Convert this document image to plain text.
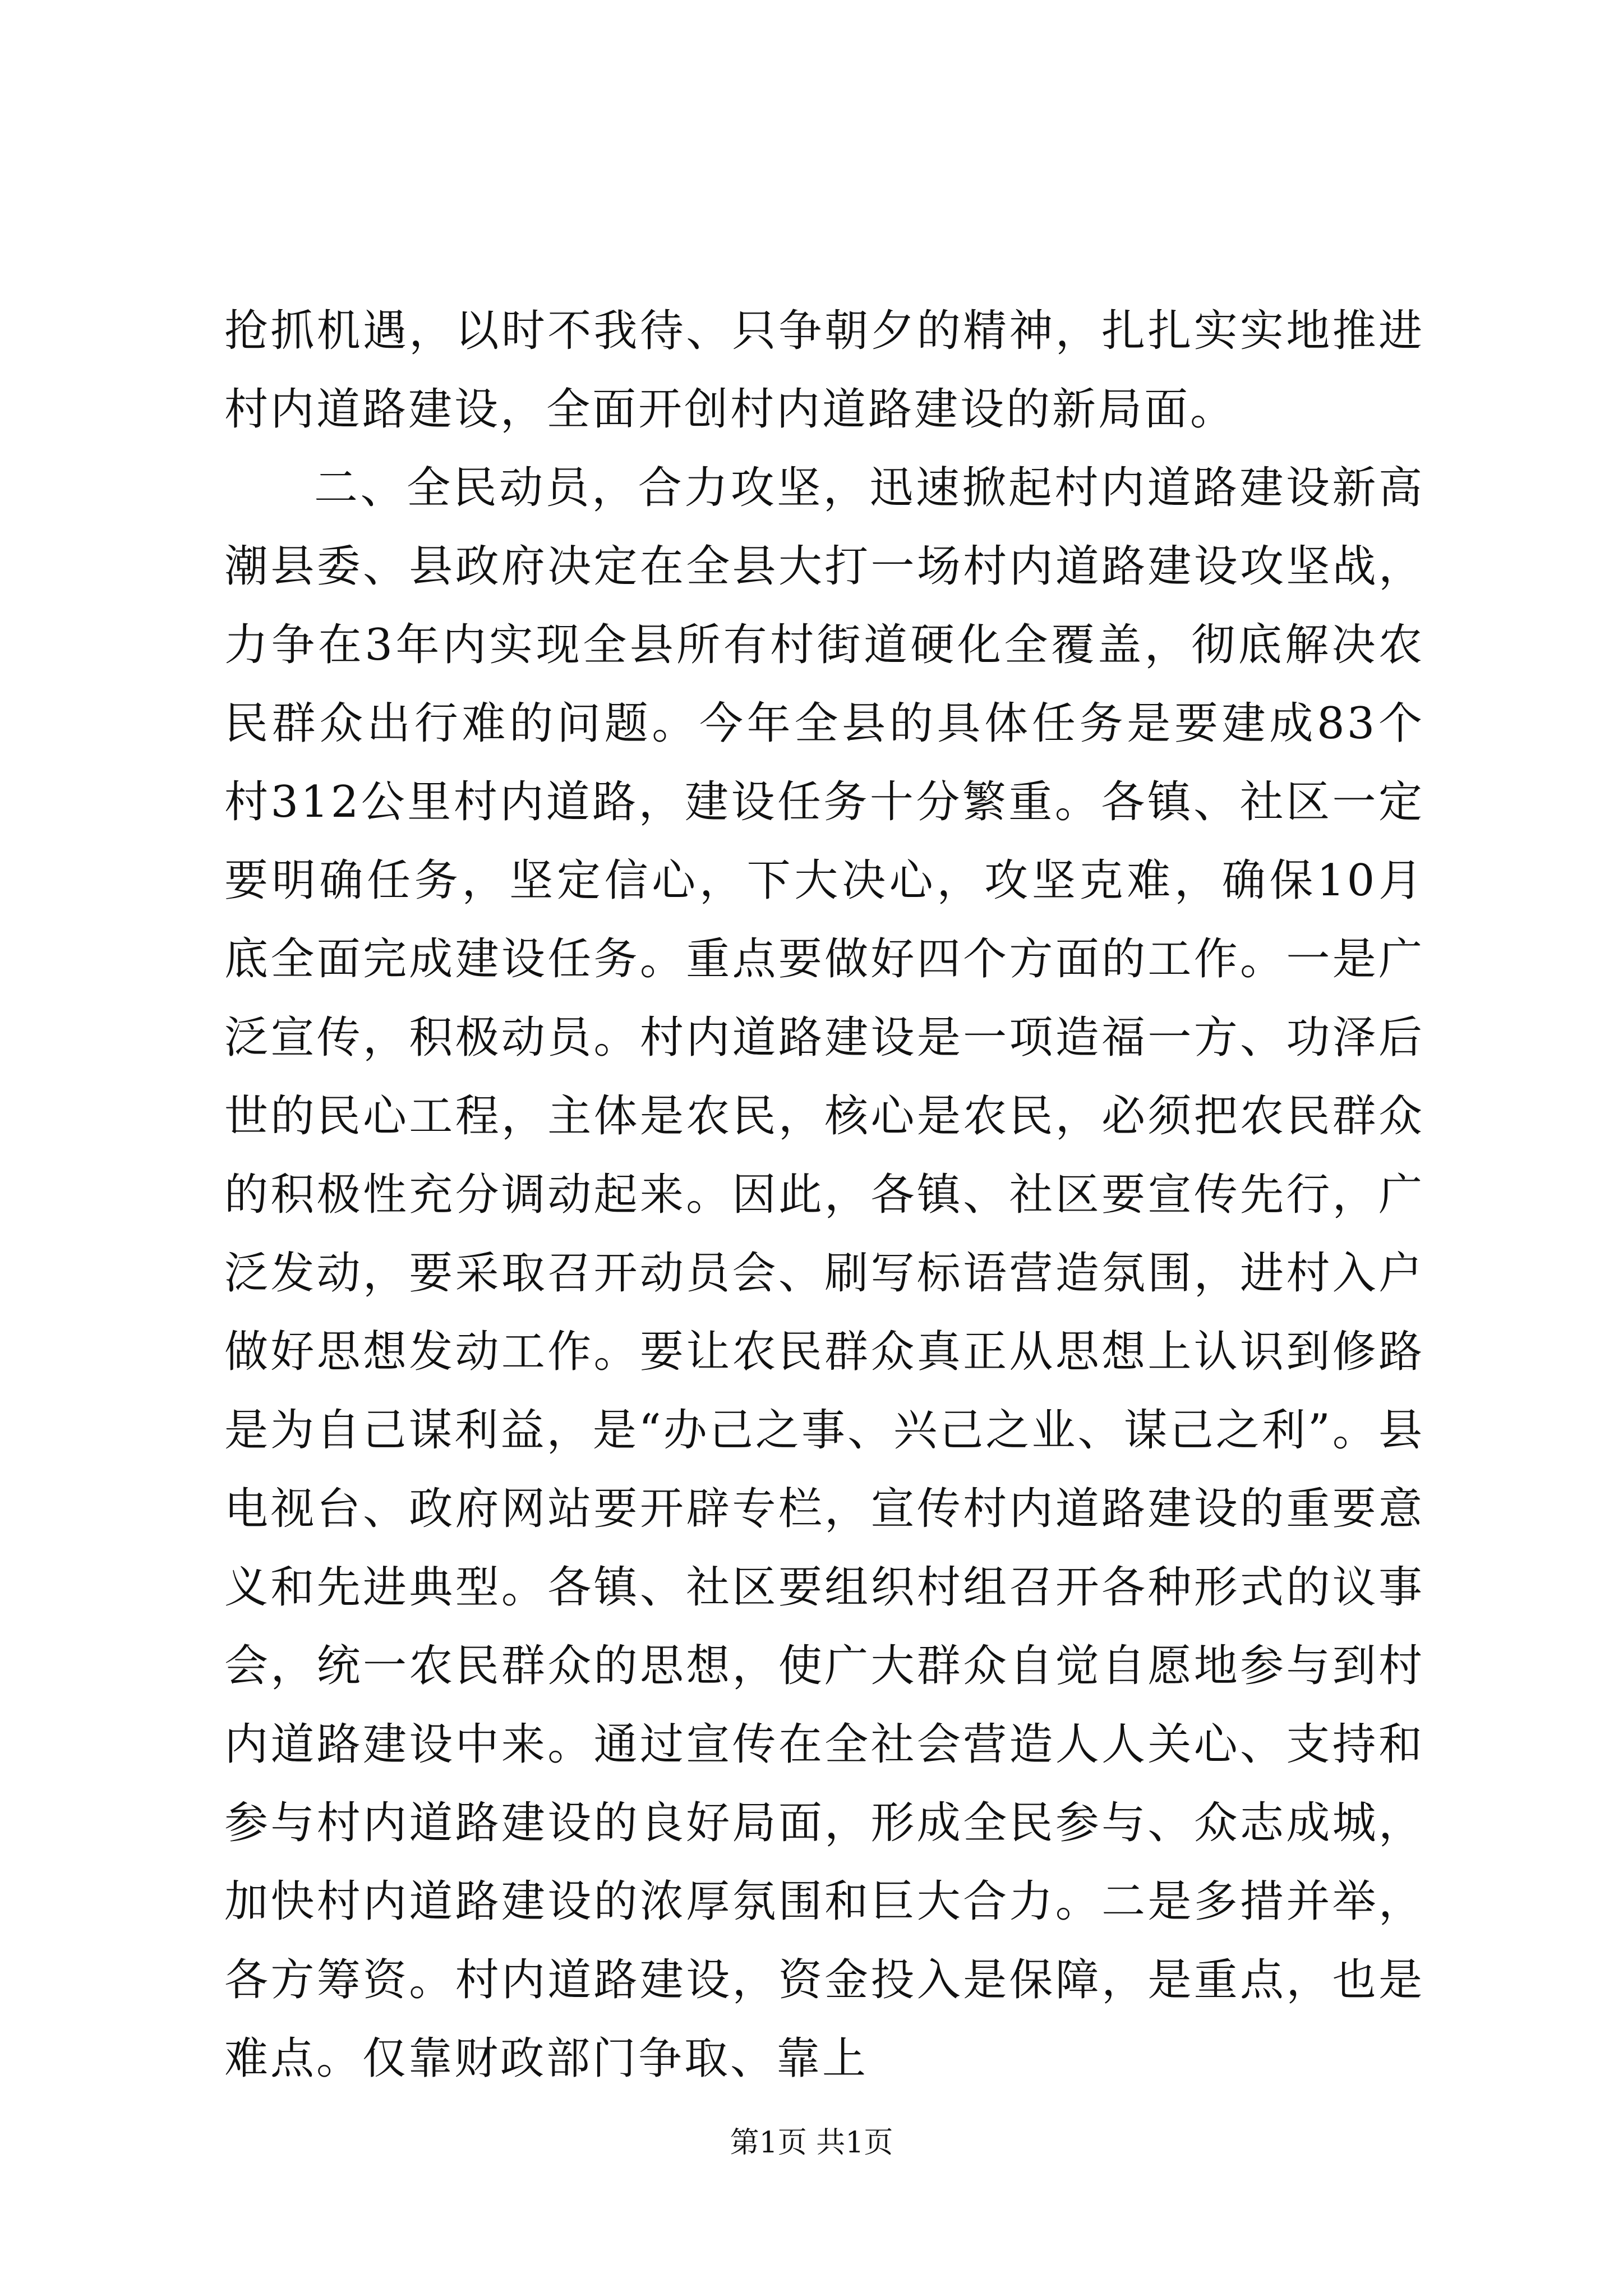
抢抓机遇，以时不我待、只争朝夕的精神，扎扎实实地推进村内道路建设，全面开创村内道路建设的新局面。

二、全民动员，合力攻坚，迅速掀起村内道路建设新高潮县委、县政府决定在全县大打一场村内道路建设攻坚战，力争在3年内实现全县所有村街道硬化全覆盖，彻底解决农民群众出行难的问题。今年全县的具体任务是要建成83个村312公里村内道路，建设任务十分繁重。各镇、社区一定要明确任务，坚定信心，下大决心，攻坚克难，确保10月底全面完成建设任务。重点要做好四个方面的工作。一是广泛宣传，积极动员。村内道路建设是一项造福一方、功泽后世的民心工程，主体是农民，核心是农民，必须把农民群众的积极性充分调动起来。因此，各镇、社区要宣传先行，广泛发动，要采取召开动员会、刷写标语营造氛围，进村入户做好思想发动工作。要让农民群众真正从思想上认识到修路是为自己谋利益，是“办己之事、兴己之业、谋己之利”。县电视台、政府网站要开辟专栏，宣传村内道路建设的重要意义和先进典型。各镇、社区要组织村组召开各种形式的议事会，统一农民群众的思想，使广大群众自觉自愿地参与到村内道路建设中来。通过宣传在全社会营造人人关心、支持和参与村内道路建设的良好局面，形成全民参与、众志成城，加快村内道路建设的浓厚氛围和巨大合力。二是多措并举，各方筹资。村内道路建设，资金投入是保障，是重点，也是难点。仅靠财政部门争取、靠上

第1页 共1页
